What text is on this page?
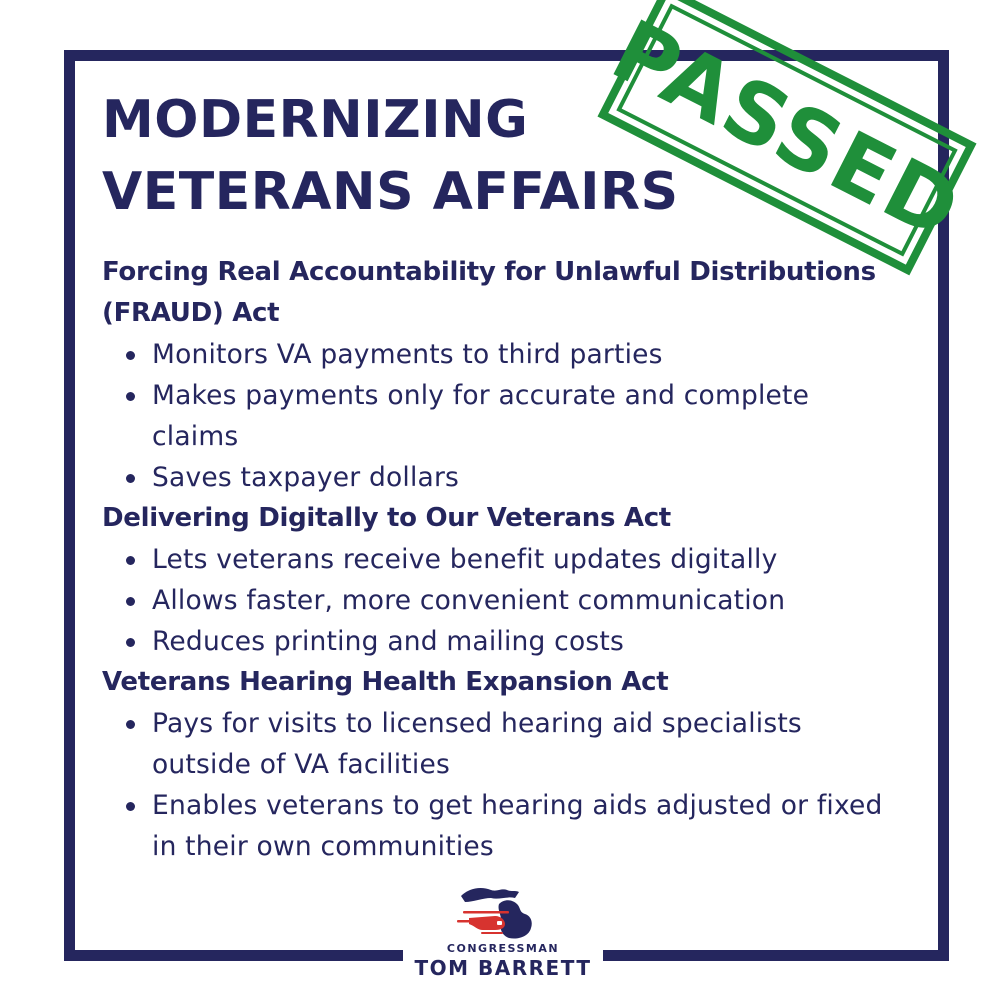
MODERNIZING
VETERANS AFFAIRS
PASSED
Forcing Real Accountability for Unlawful Distributions (FRAUD) Act
Monitors VA payments to third parties
Makes payments only for accurate and complete claims
Saves taxpayer dollars
Delivering Digitally to Our Veterans Act
Lets veterans receive benefit updates digitally
Allows faster, more convenient communication
Reduces printing and mailing costs
Veterans Hearing Health Expansion Act
Pays for visits to licensed hearing aid specialists outside of VA facilities
Enables veterans to get hearing aids adjusted or fixed in their own communities
CONGRESSMAN
TOM BARRETT
